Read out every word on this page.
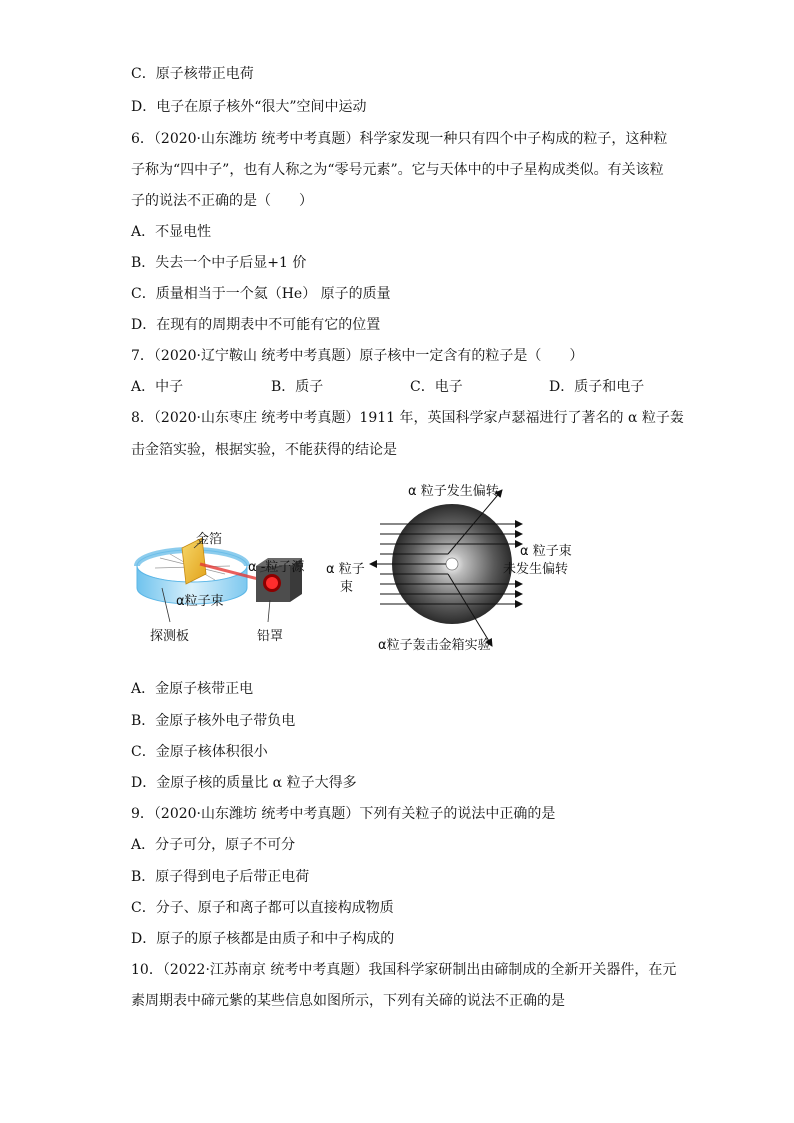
C．原子核带正电荷
D．电子在原子核外“很大”空间中运动
6．（2020·山东潍坊 统考中考真题）科学家发现一种只有四个中子构成的粒子，这种粒
子称为“四中子”，也有人称之为“零号元素”。它与天体中的中子星构成类似。有关该粒
子的说法不正确的是（　　）
A．不显电性
B．失去一个中子后显+1 价
C．质量相当于一个氦（He） 原子的质量
D．在现有的周期表中不可能有它的位置
7．（2020·辽宁鞍山 统考中考真题）原子核中一定含有的粒子是（　　）
A．中子	B．质子	C．电子	D．质子和电子
8．（2020·山东枣庄 统考中考真题）1911 年，英国科学家卢瑟福进行了著名的 α 粒子轰
击金箔实验，根据实验，不能获得的结论是
金箔
α -粒子源
α粒子束
探测板	铅罩
α 粒子发生偏转
α 粒子
束
α 粒子束
未发生偏转
α粒子轰击金箱实验
A．金原子核带正电
B．金原子核外电子带负电
C．金原子核体积很小
D．金原子核的质量比 α 粒子大得多
9．（2020·山东潍坊 统考中考真题）下列有关粒子的说法中正确的是
A．分子可分，原子不可分
B．原子得到电子后带正电荷
C．分子、原子和离子都可以直接构成物质
D．原子的原子核都是由质子和中子构成的
10．（2022·江苏南京 统考中考真题）我国科学家研制出由碲制成的全新开关器件，在元
素周期表中碲元紫的某些信息如图所示，下列有关碲的说法不正确的是
